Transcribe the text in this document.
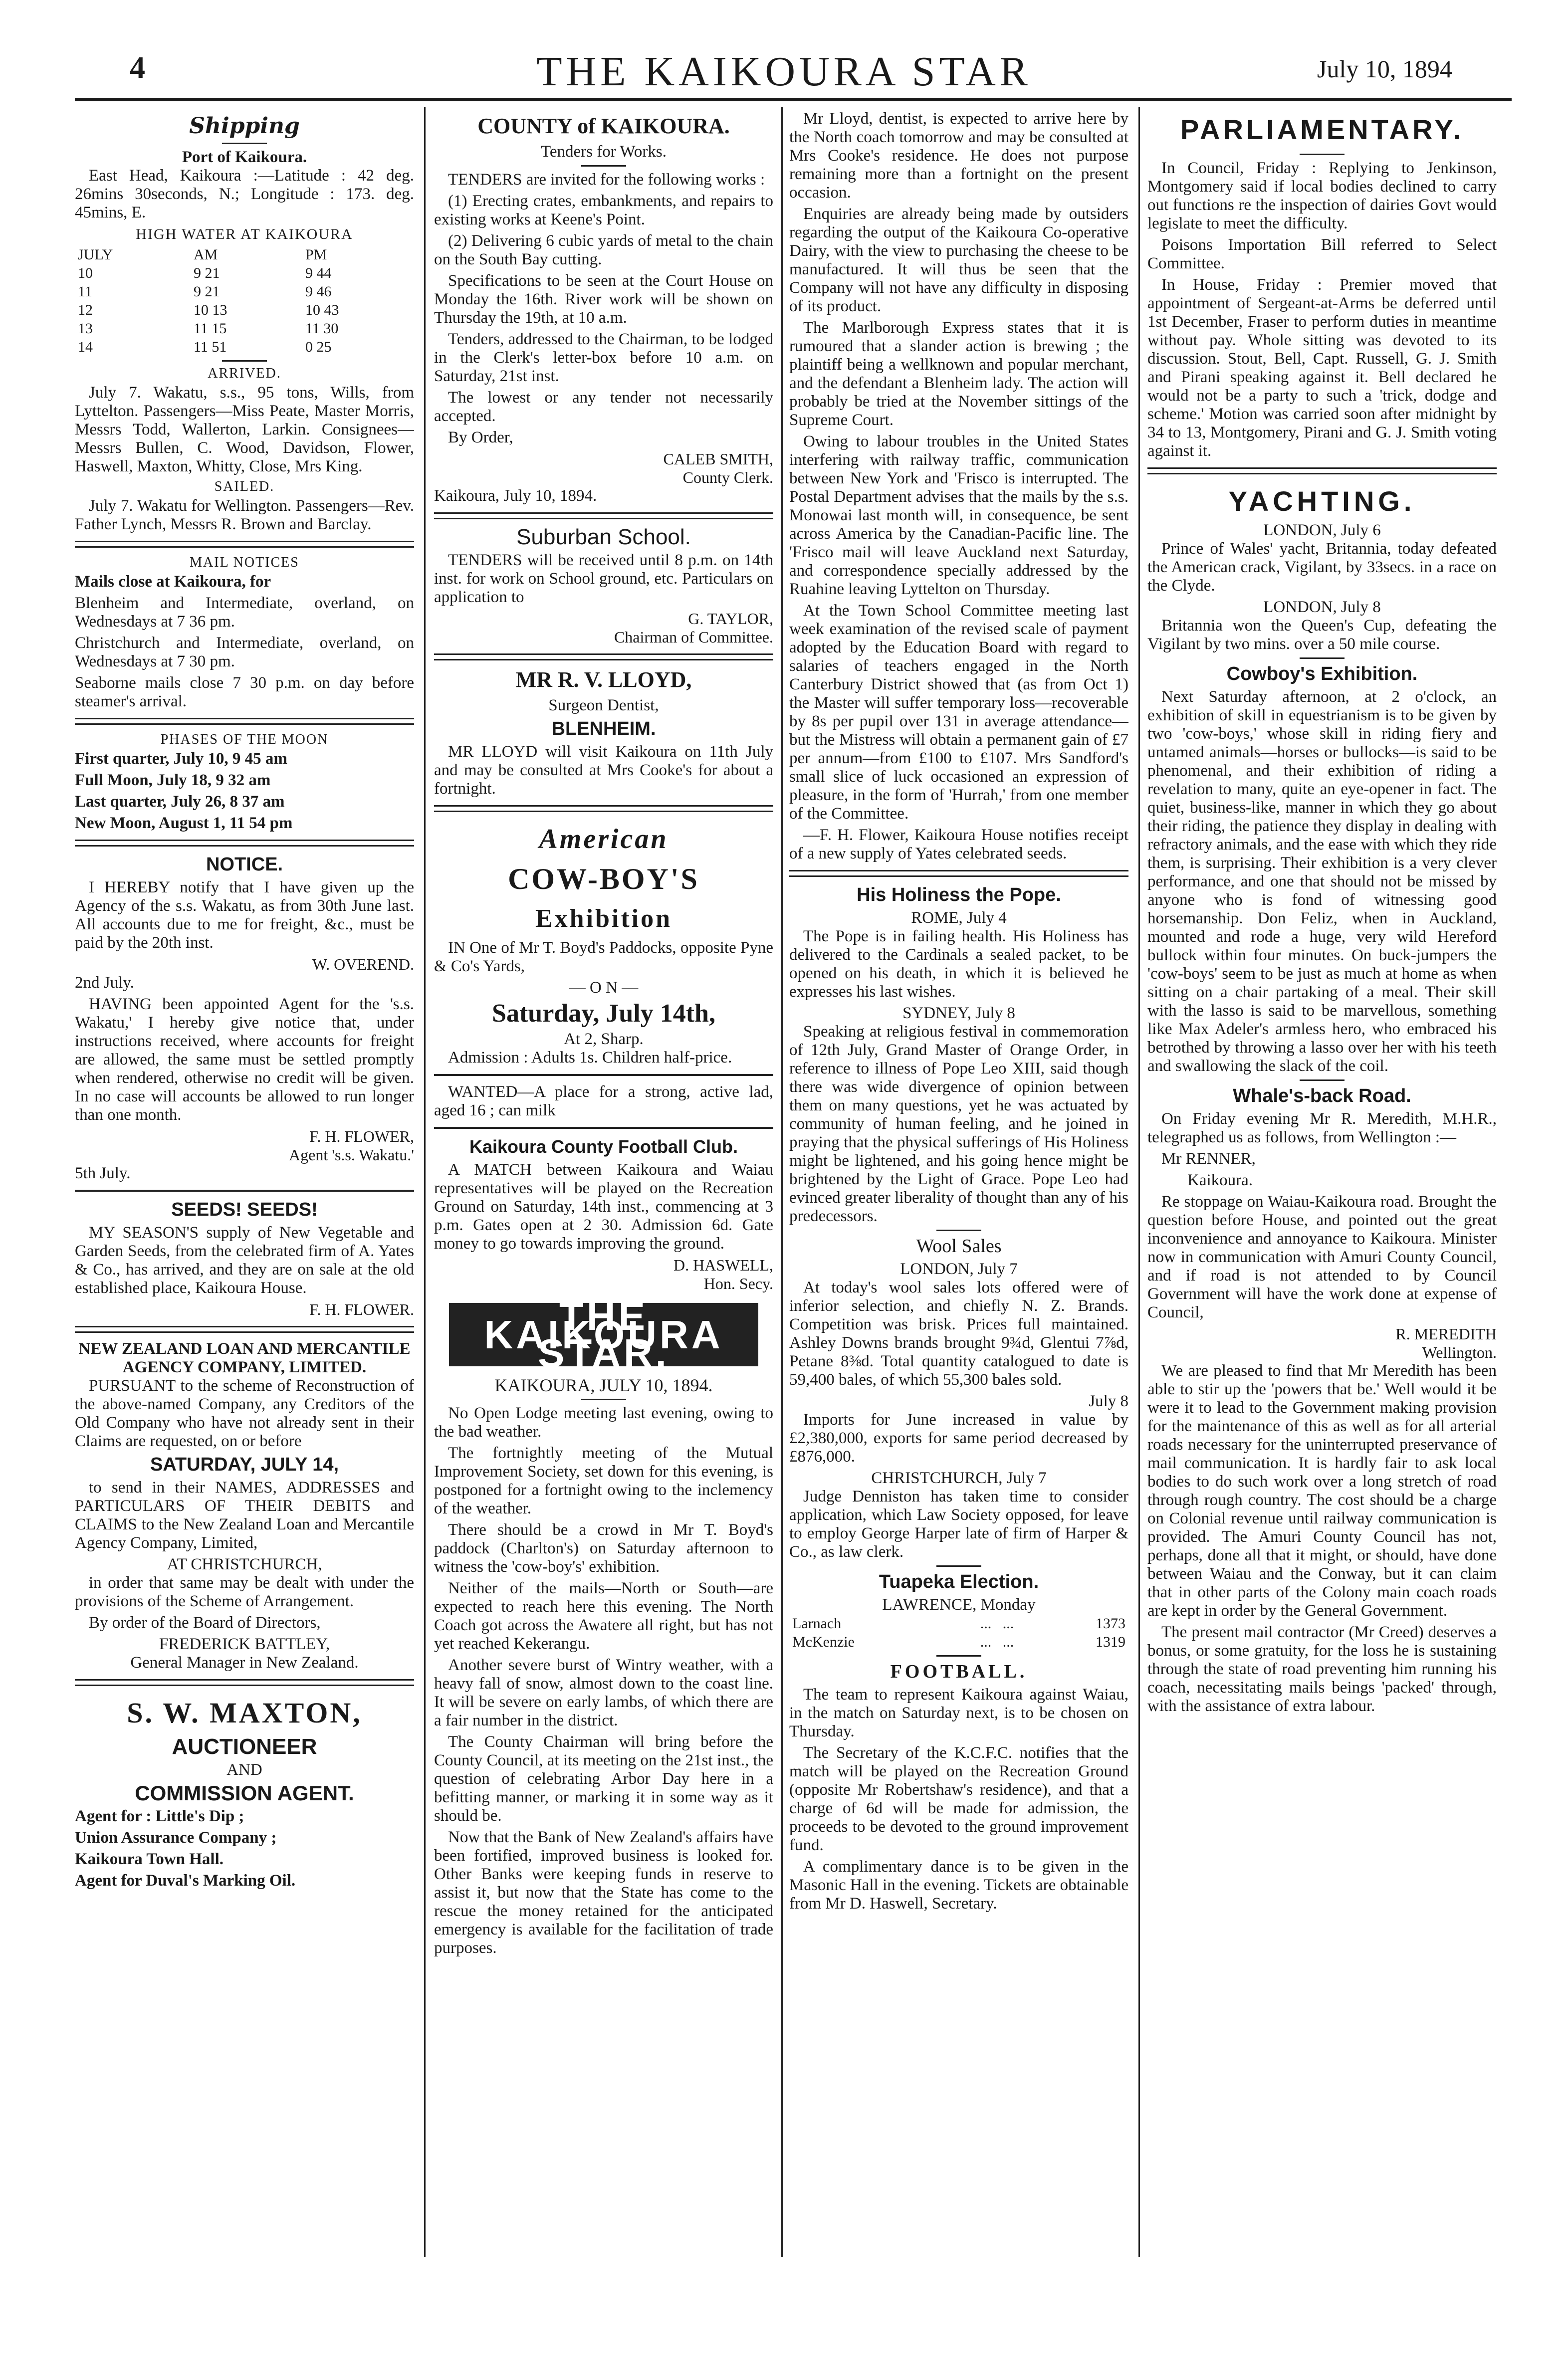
4	THE KAIKOURA STAR	July 10, 1894
Shipping
Port of Kaikoura.

East Head, Kaikoura :—Latitude : 42 deg. 26mins 30seconds, N.; Longitude : 173. deg. 45mins, E.

HIGH WATER AT KAIKOURA
JULY	AM	PM
10	9 21	9 44
11	9 21	9 46
12	10 13	10 43
13	11 15	11 30
14	11 51	0 25
ARRIVED.

July 7. Wakatu, s.s., 95 tons, Wills, from Lyttelton. Passengers—Miss Peate, Master Morris, Messrs Todd, Wallerton, Larkin. Consignees—Messrs Bullen, C. Wood, Davidson, Flower, Haswell, Maxton, Whitty, Close, Mrs King.

SAILED.

July 7. Wakatu for Wellington. Passengers—Rev. Father Lynch, Messrs R. Brown and Barclay.

MAIL NOTICES

Mails close at Kaikoura, for

Blenheim and Intermediate, overland, on Wednesdays at 7 36 pm.

Christchurch and Intermediate, overland, on Wednesdays at 7 30 pm.

Seaborne mails close 7 30 p.m. on day before steamer's arrival.

PHASES OF THE MOON

First quarter, July 10, 9 45 am

Full Moon, July 18, 9 32 am

Last quarter, July 26, 8 37 am

New Moon, August 1, 11 54 pm

NOTICE.

I HEREBY notify that I have given up the Agency of the s.s. Wakatu, as from 30th June last. All accounts due to me for freight, &c., must be paid by the 20th inst.

W. OVEREND.

2nd July.

HAVING been appointed Agent for the 's.s. Wakatu,' I hereby give notice that, under instructions received, where accounts for freight are allowed, the same must be settled promptly when rendered, otherwise no credit will be given. In no case will accounts be allowed to run longer than one month.

F. H. FLOWER,
Agent 's.s. Wakatu.'

5th July.

SEEDS! SEEDS!

MY SEASON'S supply of New Vegetable and Garden Seeds, from the celebrated firm of A. Yates & Co., has arrived, and they are on sale at the old established place, Kaikoura House.

F. H. FLOWER.
NEW ZEALAND LOAN AND MERCANTILE AGENCY COMPANY, LIMITED.

PURSUANT to the scheme of Reconstruction of the above-named Company, any Creditors of the Old Company who have not already sent in their Claims are requested, on or before

SATURDAY, JULY 14,

to send in their NAMES, ADDRESSES and PARTICULARS OF THEIR DEBITS and CLAIMS to the New Zealand Loan and Mercantile Agency Company, Limited,

AT CHRISTCHURCH,

in order that same may be dealt with under the provisions of the Scheme of Arrangement.

By order of the Board of Directors,

FREDERICK BATTLEY,
General Manager in New Zealand.
S. W. MAXTON,
AUCTIONEER
AND
COMMISSION AGENT.

Agent for : Little's Dip ;

Union Assurance Company ;

Kaikoura Town Hall.

Agent for Duval's Marking Oil.

COUNTY of KAIKOURA.
Tenders for Works.

TENDERS are invited for the following works :

(1) Erecting crates, embankments, and repairs to existing works at Keene's Point.

(2) Delivering 6 cubic yards of metal to the chain on the South Bay cutting.

Specifications to be seen at the Court House on Monday the 16th. River work will be shown on Thursday the 19th, at 10 a.m.

Tenders, addressed to the Chairman, to be lodged in the Clerk's letter-box before 10 a.m. on Saturday, 21st inst.

The lowest or any tender not necessarily accepted.

By Order,

CALEB SMITH,
County Clerk.

Kaikoura, July 10, 1894.

Suburban School.

TENDERS will be received until 8 p.m. on 14th inst. for work on School ground, etc. Particulars on application to

G. TAYLOR,
Chairman of Committee.
MR R. V. LLOYD,
Surgeon Dentist,
BLENHEIM.

MR LLOYD will visit Kaikoura on 11th July and may be consulted at Mrs Cooke's for about a fortnight.

American
COW-BOY'S
Exhibition

IN One of Mr T. Boyd's Paddocks, opposite Pyne & Co's Yards,

— O N —
Saturday, July 14th,
At 2, Sharp.

Admission : Adults 1s. Children half-price.

WANTED—A place for a strong, active lad, aged 16 ; can milk

Kaikoura County Football Club.

A MATCH between Kaikoura and Waiau representatives will be played on the Recreation Ground on Saturday, 14th inst., commencing at 3 p.m. Gates open at 2 30. Admission 6d. Gate money to go towards improving the ground.

D. HASWELL,
Hon. Secy.
THE KAIKOURA STAR.
KAIKOURA, JULY 10, 1894.

No Open Lodge meeting last evening, owing to the bad weather.

The fortnightly meeting of the Mutual Improvement Society, set down for this evening, is postponed for a fortnight owing to the inclemency of the weather.

There should be a crowd in Mr T. Boyd's paddock (Charlton's) on Saturday afternoon to witness the 'cow-boy's' exhibition.

Neither of the mails—North or South—are expected to reach here this evening. The North Coach got across the Awatere all right, but has not yet reached Kekerangu.

Another severe burst of Wintry weather, with a heavy fall of snow, almost down to the coast line. It will be severe on early lambs, of which there are a fair number in the district.

The County Chairman will bring before the County Council, at its meeting on the 21st inst., the question of celebrating Arbor Day here in a befitting manner, or marking it in some way as it should be.

Now that the Bank of New Zealand's affairs have been fortified, improved business is looked for. Other Banks were keeping funds in reserve to assist it, but now that the State has come to the rescue the money retained for the anticipated emergency is available for the facilitation of trade purposes.

Mr Lloyd, dentist, is expected to arrive here by the North coach tomorrow and may be consulted at Mrs Cooke's residence. He does not purpose remaining more than a fortnight on the present occasion.

Enquiries are already being made by outsiders regarding the output of the Kaikoura Co-operative Dairy, with the view to purchasing the cheese to be manufactured. It will thus be seen that the Company will not have any difficulty in disposing of its product.

The Marlborough Express states that it is rumoured that a slander action is brewing ; the plaintiff being a wellknown and popular merchant, and the defendant a Blenheim lady. The action will probably be tried at the November sittings of the Supreme Court.

Owing to labour troubles in the United States interfering with railway traffic, communication between New York and 'Frisco is interrupted. The Postal Department advises that the mails by the s.s. Monowai last month will, in consequence, be sent across America by the Canadian-Pacific line. The 'Frisco mail will leave Auckland next Saturday, and correspondence specially addressed by the Ruahine leaving Lyttelton on Thursday.

At the Town School Committee meeting last week examination of the revised scale of payment adopted by the Education Board with regard to salaries of teachers engaged in the North Canterbury District showed that (as from Oct 1) the Master will suffer temporary loss—recoverable by 8s per pupil over 131 in average attendance—but the Mistress will obtain a permanent gain of £7 per annum—from £100 to £107. Mrs Sandford's small slice of luck occasioned an expression of pleasure, in the form of 'Hurrah,' from one member of the Committee.

—F. H. Flower, Kaikoura House notifies receipt of a new supply of Yates celebrated seeds.

His Holiness the Pope.
ROME, July 4

The Pope is in failing health. His Holiness has delivered to the Cardinals a sealed packet, to be opened on his death, in which it is believed he expresses his last wishes.

SYDNEY, July 8

Speaking at religious festival in commemoration of 12th July, Grand Master of Orange Order, in reference to illness of Pope Leo XIII, said though there was wide divergence of opinion between them on many questions, yet he was actuated by community of human feeling, and he joined in praying that the physical sufferings of His Holiness might be lightened, and his going hence might be brightened by the Light of Grace. Pope Leo had evinced greater liberality of thought than any of his predecessors.

Wool Sales
LONDON, July 7

At today's wool sales lots offered were of inferior selection, and chiefly N. Z. Brands. Competition was brisk. Prices full maintained. Ashley Downs brands brought 9¾d, Glentui 7⅞d, Petane 8⅜d. Total quantity catalogued to date is 59,400 bales, of which 55,300 bales sold.

July 8

Imports for June increased in value by £2,380,000, exports for same period decreased by £876,000.

CHRISTCHURCH, July 7

Judge Denniston has taken time to consider application, which Law Society opposed, for leave to employ George Harper late of firm of Harper & Co., as law clerk.

Tuapeka Election.
LAWRENCE, Monday
Larnach	...   ...	1373
McKenzie	...   ...	1319
FOOTBALL.

The team to represent Kaikoura against Waiau, in the match on Saturday next, is to be chosen on Thursday.

The Secretary of the K.C.F.C. notifies that the match will be played on the Recreation Ground (opposite Mr Robertshaw's residence), and that a charge of 6d will be made for admission, the proceeds to be devoted to the ground improvement fund.

A complimentary dance is to be given in the Masonic Hall in the evening. Tickets are obtainable from Mr D. Haswell, Secretary.

PARLIAMENTARY.

In Council, Friday : Replying to Jenkinson, Montgomery said if local bodies declined to carry out functions re the inspection of dairies Govt would legislate to meet the difficulty.

Poisons Importation Bill referred to Select Committee.

In House, Friday : Premier moved that appointment of Sergeant-at-Arms be deferred until 1st December, Fraser to perform duties in meantime without pay. Whole sitting was devoted to its discussion. Stout, Bell, Capt. Russell, G. J. Smith and Pirani speaking against it. Bell declared he would not be a party to such a 'trick, dodge and scheme.' Motion was carried soon after midnight by 34 to 13, Montgomery, Pirani and G. J. Smith voting against it.

YACHTING.
LONDON, July 6

Prince of Wales' yacht, Britannia, today defeated the American crack, Vigilant, by 33secs. in a race on the Clyde.

LONDON, July 8

Britannia won the Queen's Cup, defeating the Vigilant by two mins. over a 50 mile course.

Cowboy's Exhibition.

Next Saturday afternoon, at 2 o'clock, an exhibition of skill in equestrianism is to be given by two 'cow-boys,' whose skill in riding fiery and untamed animals—horses or bullocks—is said to be phenomenal, and their exhibition of riding a revelation to many, quite an eye-opener in fact. The quiet, business-like, manner in which they go about their riding, the patience they display in dealing with refractory animals, and the ease with which they ride them, is surprising. Their exhibition is a very clever performance, and one that should not be missed by anyone who is fond of witnessing good horsemanship. Don Feliz, when in Auckland, mounted and rode a huge, very wild Hereford bullock within four minutes. On buck-jumpers the 'cow-boys' seem to be just as much at home as when sitting on a chair partaking of a meal. Their skill with the lasso is said to be marvellous, something like Max Adeler's armless hero, who embraced his betrothed by throwing a lasso over her with his teeth and swallowing the slack of the coil.

Whale's-back Road.

On Friday evening Mr R. Meredith, M.H.R., telegraphed us as follows, from Wellington :—

Mr RENNER,

Kaikoura.

Re stoppage on Waiau-Kaikoura road. Brought the question before House, and pointed out the great inconvenience and annoyance to Kaikoura. Minister now in communication with Amuri County Council, and if road is not attended to by Council Government will have the work done at expense of Council,

R. MEREDITH
Wellington.

We are pleased to find that Mr Meredith has been able to stir up the 'powers that be.' Well would it be were it to lead to the Government making provision for the maintenance of this as well as for all arterial roads necessary for the uninterrupted preservance of mail communication. It is hardly fair to ask local bodies to do such work over a long stretch of road through rough country. The cost should be a charge on Colonial revenue until railway communication is provided. The Amuri County Council has not, perhaps, done all that it might, or should, have done between Waiau and the Conway, but it can claim that in other parts of the Colony main coach roads are kept in order by the General Government.

The present mail contractor (Mr Creed) deserves a bonus, or some gratuity, for the loss he is sustaining through the state of road preventing him running his coach, necessitating mails beings 'packed' through, with the assistance of extra labour.
